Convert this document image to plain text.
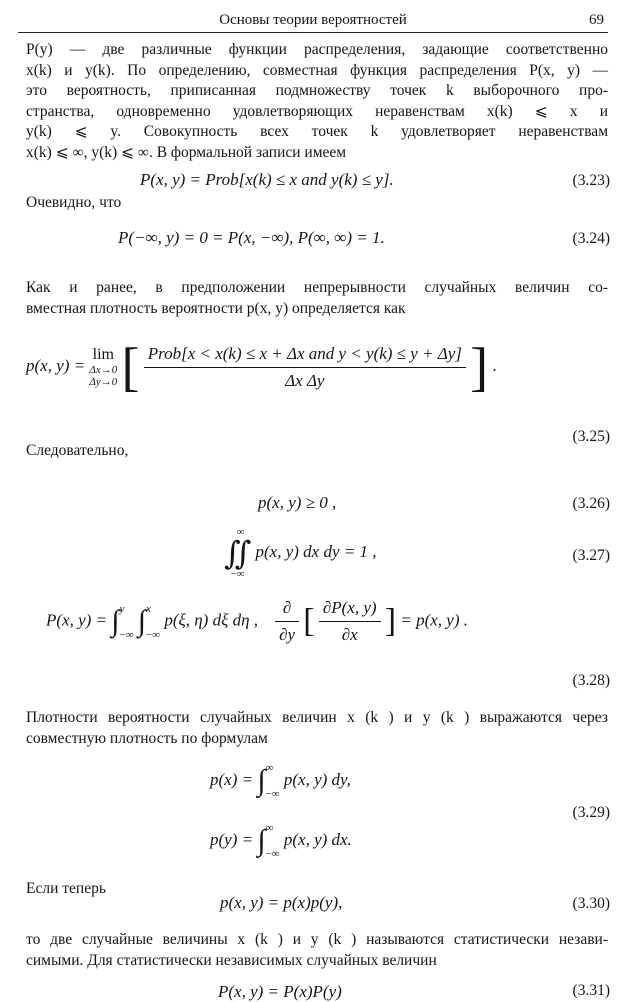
Основы теории вероятностей	69
P(y) — две различные функции распределения, задающие соответственно
x(k) и y(k). По определению, совместная функция распределения P(x, y) —
это вероятность, приписанная подмножеству точек k выборочного про-
странства, одновременно удовлетворяющих неравенствам x(k) ⩽ x и
y(k) ⩽ y. Совокупность всех точек k удовлетворяет неравенствам
x(k) ⩽ ∞, y(k) ⩽ ∞. В формальной записи имеем
P(x, y) = Prob[x(k) ≤ x and y(k) ≤ y].	(3.23)
Очевидно, что
P(−∞, y) = 0 = P(x, −∞), P(∞, ∞) = 1.	(3.24)
Как и ранее, в предположении непрерывности случайных величин со-
вместная плотность вероятности p(x, y) определяется как
p(x, y) =
lim
Δx→0
Δy→0 [ $\frac{\text{Prob[x < x(k) ≤ x + Δx and y < y(k) ≤ y + Δy]}}{\text{Δx Δy}}$ ] .
(3.25)
Следовательно,
p(x, y) ≥ 0 ,	(3.26)
∞
∬
−∞
p(x, y) dx dy = 1 ,	(3.27)
P(x, y) = ∫ y
−∞ ∫ x
−∞
p(ξ, η) dξ dη , $\frac{\partial}{\partial y}$ [ $\frac{\partial P(x, y)}{\partial x}$ ] = p(x, y) .
(3.28)
Плотности вероятности случайных величин x (k ) и y (k ) выражаются через
совместную плотность по формулам
p(x) = ∫ ∞
−∞
p(x, y) dy,
p(y) = ∫ ∞
−∞
p(x, y) dx.
(3.29)
Если теперь
p(x, y) = p(x)p(y),	(3.30)
то две случайные величины x (k ) и y (k ) называются статистически незави-
симыми. Для статистически независимых случайных величин
P(x, y) = P(x)P(y)	(3.31)
